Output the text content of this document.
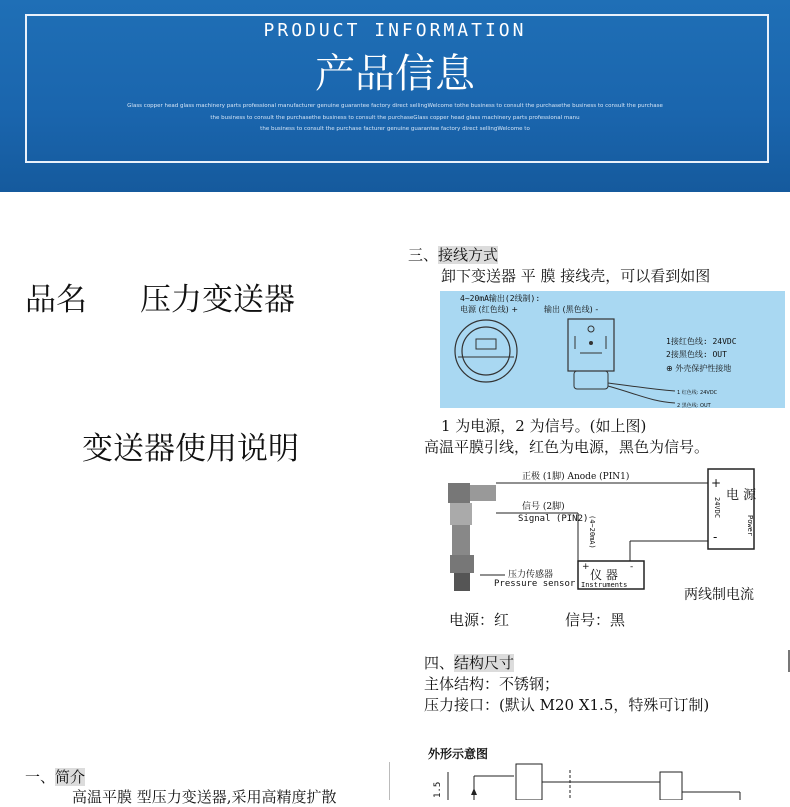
PRODUCT INFORMATION
产品信息
Glass copper head glass machinery parts professional manufacturer genuine guarantee factory direct sellingWelcome tothe business to consult the purchasethe business to consult the purchase
the business to consult the purchasethe business to consult the purchaseGlass copper head glass machinery parts professional manu
the business to consult the purchase facturer genuine guarantee factory direct sellingWelcome to
品名 压力变送器
变送器使用说明
一、简介
高温平膜 型压力变送器,采用高精度扩散
三、接线方式
卸下变送器 平 膜 接线壳，可以看到如图
4~20mA输出(2线制):
电源 (红色线) +	输出 (黑色线) -
1接红色线: 24VDC
2接黑色线: OUT
⊕ 外壳保护性接地
1 红色线: 24VDC
2 黑色线: OUT
1 为电源，2 为信号。(如上图)
高温平膜引线，红色为电源，黑色为信号。
正极 (1脚) Anode (PIN1)
信号 (2脚)
Signal (PIN2) (4~20mA)
压力传感器
Pressure sensor
+	-
仪 器
Instruments
+
-
电 源
24VDC
Power
两线制电流
电源：红	信号：黑
四、结构尺寸
主体结构：不锈钢；
压力接口：(默认 M20 X1.5，特殊可订制)
外形示意图
1.5
